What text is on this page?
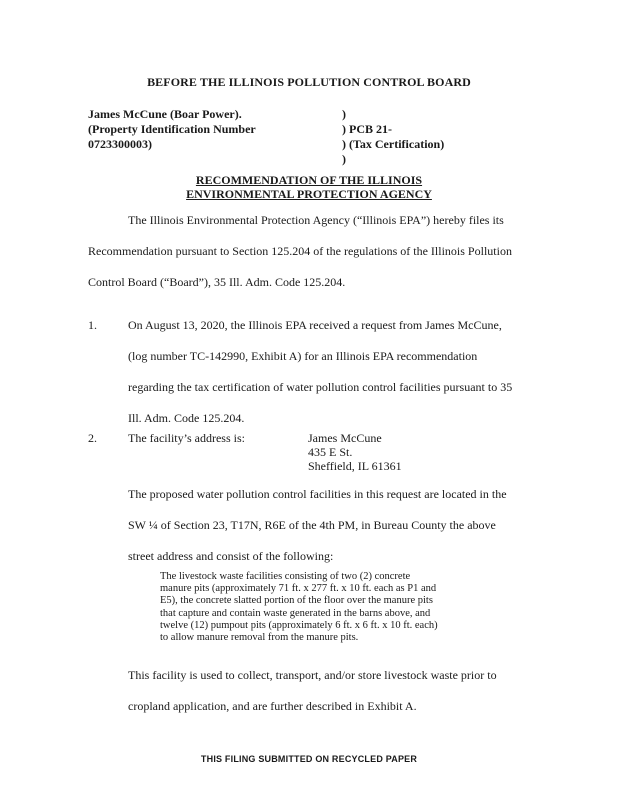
BEFORE THE ILLINOIS POLLUTION CONTROL BOARD
James McCune (Boar Power).
(Property Identification Number
0723300003)
)
) PCB 21-
) (Tax Certification)
)
RECOMMENDATION OF THE ILLINOIS
ENVIRONMENTAL PROTECTION AGENCY

The Illinois Environmental Protection Agency (“Illinois EPA”) hereby files its

Recommendation pursuant to Section 125.204 of the regulations of the Illinois Pollution

Control Board (“Board”), 35 Ill. Adm. Code 125.204.

1.	On August 13, 2020, the Illinois EPA received a request from James McCune,

(log number TC-142990, Exhibit A) for an Illinois EPA recommendation

regarding the tax certification of water pollution control facilities pursuant to 35

Ill. Adm. Code 125.204.

2.	The facility’s address is:	James McCune
435 E St.
Sheffield, IL 61361

The proposed water pollution control facilities in this request are located in the

SW ¼ of Section 23, T17N, R6E of the 4th PM, in Bureau County the above

street address and consist of the following:

The livestock waste facilities consisting of two (2) concrete
manure pits (approximately 71 ft. x 277 ft. x 10 ft. each as P1 and
E5), the concrete slatted portion of the floor over the manure pits
that capture and contain waste generated in the barns above, and
twelve (12) pumpout pits (approximately 6 ft. x 6 ft. x 10 ft. each)
to allow manure removal from the manure pits.

This facility is used to collect, transport, and/or store livestock waste prior to

cropland application, and are further described in Exhibit A.

THIS FILING SUBMITTED ON RECYCLED PAPER
